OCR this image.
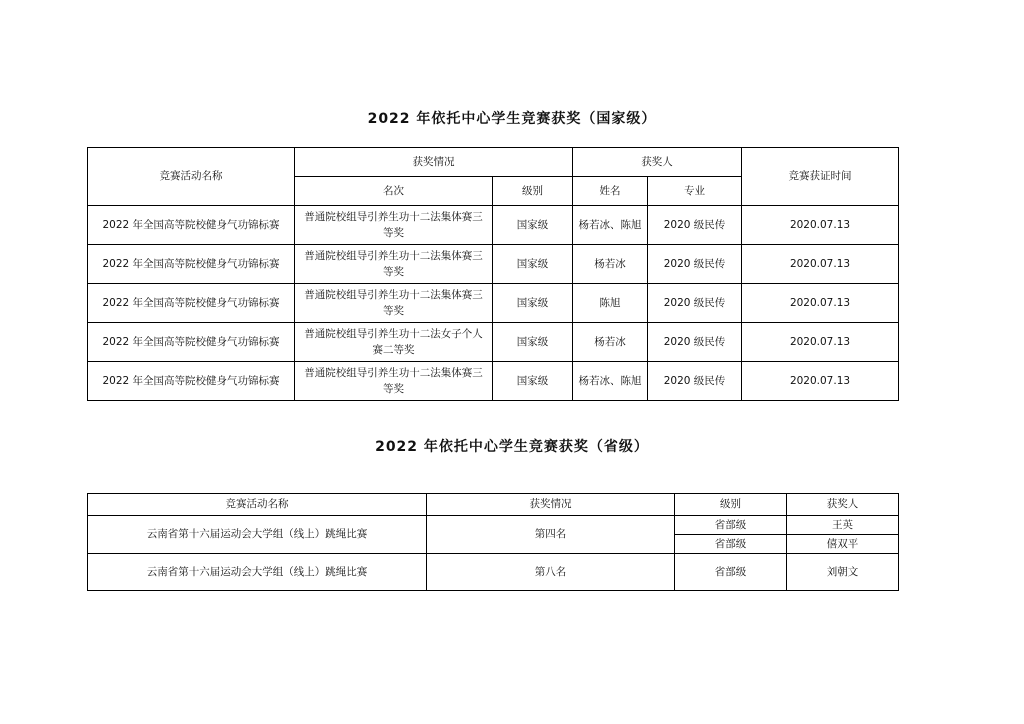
2022 年依托中心学生竞赛获奖（国家级）
竞赛活动名称	获奖情况		获奖人		竞赛获证时间
	名次	级别	姓名	专业	
2022 年全国高等院校健身气功锦标赛	普通院校组导引养生功十二法集体赛三等奖	国家级	杨若冰、陈旭	2020 级民传	2020.07.13
2022 年全国高等院校健身气功锦标赛	普通院校组导引养生功十二法集体赛三等奖	国家级	杨若冰	2020 级民传	2020.07.13
2022 年全国高等院校健身气功锦标赛	普通院校组导引养生功十二法集体赛三等奖	国家级	陈旭	2020 级民传	2020.07.13
2022 年全国高等院校健身气功锦标赛	普通院校组导引养生功十二法女子个人赛二等奖	国家级	杨若冰	2020 级民传	2020.07.13
2022 年全国高等院校健身气功锦标赛	普通院校组导引养生功十二法集体赛三等奖	国家级	杨若冰、陈旭	2020 级民传	2020.07.13
2022 年依托中心学生竞赛获奖（省级）
竞赛活动名称	获奖情况	级别	获奖人
云南省第十六届运动会大学组（线上）跳绳比赛	第四名	省部级	王英
		省部级	僖双平
云南省第十六届运动会大学组（线上）跳绳比赛	第八名	省部级	刘朝文
